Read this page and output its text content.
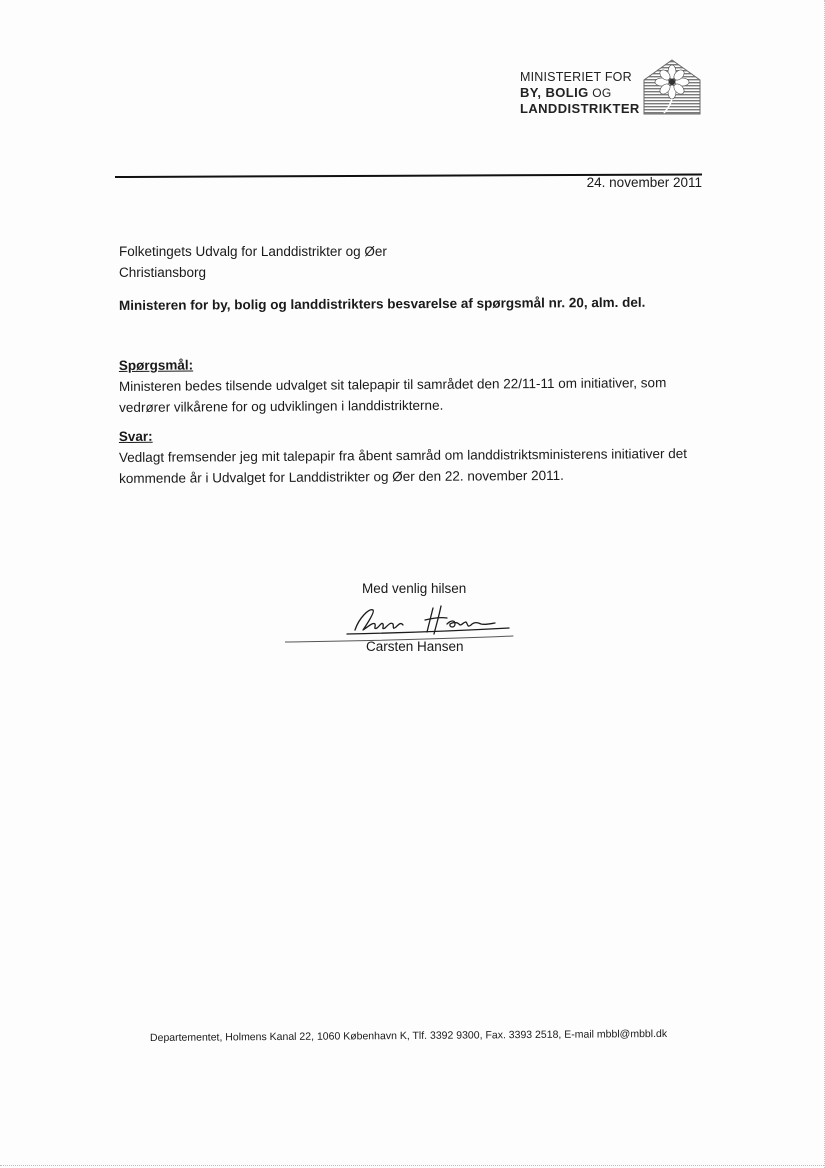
MINISTERIET FOR
BY, BOLIG OG
LANDDISTRIKTER
24. november 2011
Folketingets Udvalg for Landdistrikter og Øer
Christiansborg
Ministeren for by, bolig og landdistrikters besvarelse af spørgsmål nr. 20, alm. del.
Spørgsmål:
Ministeren bedes tilsende udvalget sit talepapir til samrådet den 22/11-11 om initiativer, som
vedrører vilkårene for og udviklingen i landdistrikterne.
Svar:
Vedlagt fremsender jeg mit talepapir fra åbent samråd om landdistriktsministerens initiativer det
kommende år i Udvalget for Landdistrikter og Øer den 22. november 2011.
Med venlig hilsen
Carsten Hansen
Departementet, Holmens Kanal 22, 1060 København K, Tlf. 3392 9300, Fax. 3393 2518, E-mail mbbl@mbbl.dk
